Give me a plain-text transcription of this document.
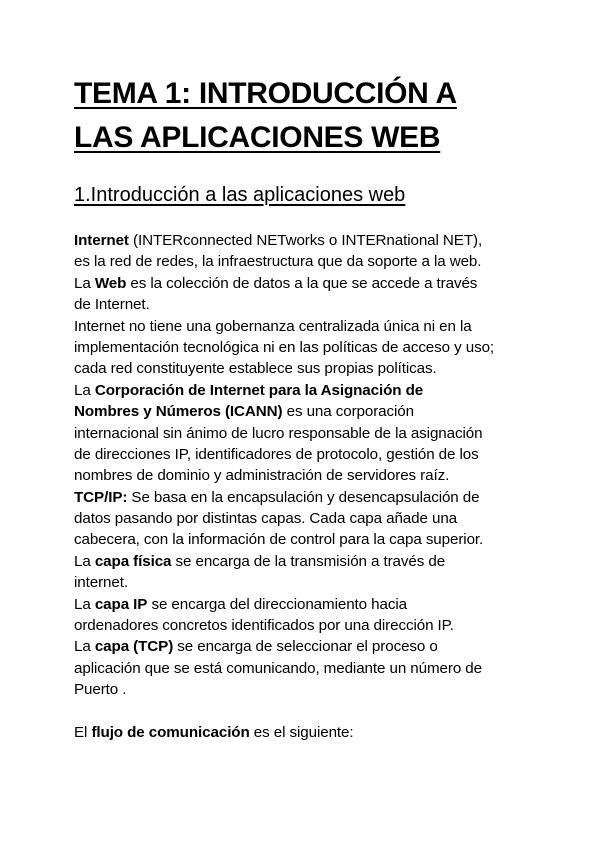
TEMA 1: INTRODUCCIÓN A
LAS APLICACIONES WEB
1.Introducción a las aplicaciones web
Internet (INTERconnected NETworks o INTERnational NET),
es la red de redes, la infraestructura que da soporte a la web.
La Web es la colección de datos a la que se accede a través
de Internet.
Internet no tiene una gobernanza centralizada única ni en la
implementación tecnológica ni en las políticas de acceso y uso;
cada red constituyente establece sus propias políticas.
La Corporación de Internet para la Asignación de
Nombres y Números (ICANN) es una corporación
internacional sin ánimo de lucro responsable de la asignación
de direcciones IP, identificadores de protocolo, gestión de los
nombres de dominio y administración de servidores raíz.
TCP/IP: Se basa en la encapsulación y desencapsulación de
datos pasando por distintas capas. Cada capa añade una
cabecera, con la información de control para la capa superior.
La capa física se encarga de la transmisión a través de
internet.
La capa IP se encarga del direccionamiento hacia
ordenadores concretos identificados por una dirección IP.
La capa (TCP) se encarga de seleccionar el proceso o
aplicación que se está comunicando, mediante un número de
Puerto .
El flujo de comunicación es el siguiente:
